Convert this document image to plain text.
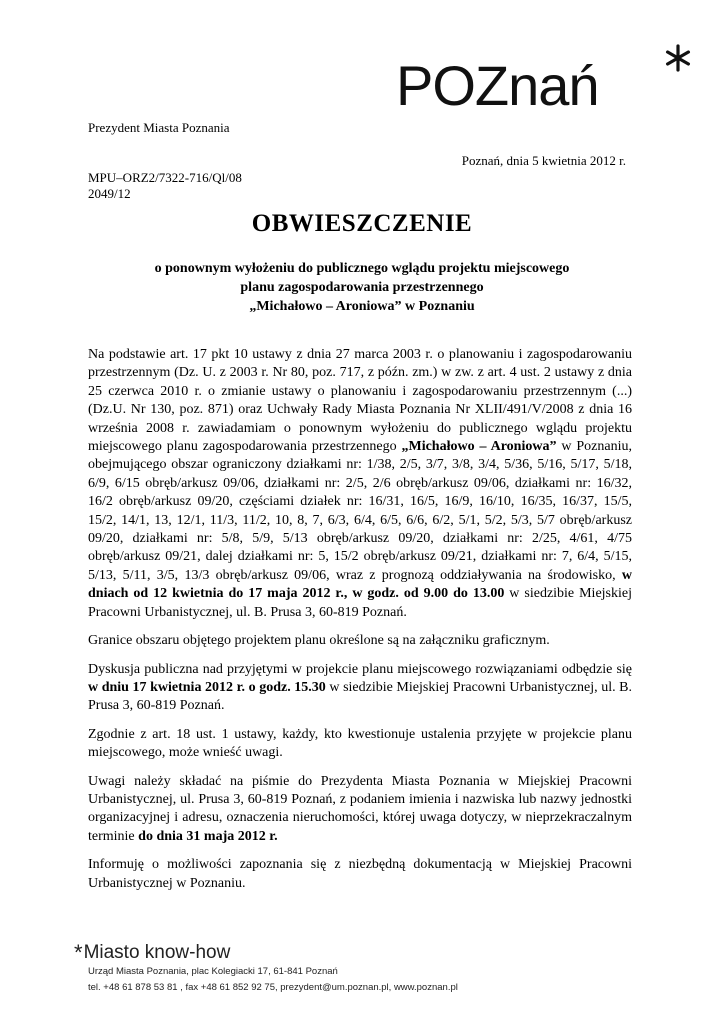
POZnań
Prezydent Miasta Poznania
Poznań, dnia 5 kwietnia 2012 r.
MPU–ORZ2/7322-716/Ql/08
2049/12
OBWIESZCZENIE
o ponownym wyłożeniu do publicznego wglądu projektu miejscowego
planu zagospodarowania przestrzennego
„Michałowo – Aroniowa” w Poznaniu

Na podstawie art. 17 pkt 10 ustawy z dnia 27 marca 2003 r. o planowaniu i zagospodarowaniu przestrzennym (Dz. U. z 2003 r. Nr 80, poz. 717, z późn. zm.) w zw. z art. 4 ust. 2 ustawy z dnia 25 czerwca 2010 r. o zmianie ustawy o planowaniu i zagospodarowaniu przestrzennym (...) (Dz.U. Nr 130, poz. 871) oraz Uchwały Rady Miasta Poznania Nr XLII/491/V/2008 z dnia 16 września 2008 r. zawiadamiam o ponownym wyłożeniu do publicznego wglądu projektu miejscowego planu zagospodarowania przestrzennego „Michałowo – Aroniowa” w Poznaniu, obejmującego obszar ograniczony działkami nr: 1/38, 2/5, 3/7, 3/8, 3/4, 5/36, 5/16, 5/17, 5/18, 6/9, 6/15 obręb/arkusz 09/06, działkami nr: 2/5, 2/6 obręb/arkusz 09/06, działkami nr: 16/32, 16/2 obręb/arkusz 09/20, częściami działek nr: 16/31, 16/5, 16/9, 16/10, 16/35, 16/37, 15/5, 15/2, 14/1, 13, 12/1, 11/3, 11/2, 10, 8, 7, 6/3, 6/4, 6/5, 6/6, 6/2, 5/1, 5/2, 5/3, 5/7 obręb/arkusz 09/20, działkami nr: 5/8, 5/9, 5/13 obręb/arkusz 09/20, działkami nr: 2/25, 4/61, 4/75 obręb/arkusz 09/21, dalej działkami nr: 5, 15/2 obręb/arkusz 09/21, działkami nr: 7, 6/4, 5/15, 5/13, 5/11, 3/5, 13/3 obręb/arkusz 09/06, wraz z prognozą oddziaływania na środowisko, w dniach od 12 kwietnia do 17 maja 2012 r., w godz. od 9.00 do 13.00 w siedzibie Miejskiej Pracowni Urbanistycznej, ul. B. Prusa 3, 60-819 Poznań.

Granice obszaru objętego projektem planu określone są na załączniku graficznym.

Dyskusja publiczna nad przyjętymi w projekcie planu miejscowego rozwiązaniami odbędzie się w dniu 17 kwietnia 2012 r. o godz. 15.30 w siedzibie Miejskiej Pracowni Urbanistycznej, ul. B. Prusa 3, 60-819 Poznań.

Zgodnie z art. 18 ust. 1 ustawy, każdy, kto kwestionuje ustalenia przyjęte w projekcie planu miejscowego, może wnieść uwagi.

Uwagi należy składać na piśmie do Prezydenta Miasta Poznania w Miejskiej Pracowni Urbanistycznej, ul. Prusa 3, 60-819 Poznań, z podaniem imienia i nazwiska lub nazwy jednostki organizacyjnej i adresu, oznaczenia nieruchomości, której uwaga dotyczy, w nieprzekraczalnym terminie do dnia 31 maja 2012 r.

Informuję o możliwości zapoznania się z niezbędną dokumentacją w Miejskiej Pracowni Urbanistycznej w Poznaniu.

*Miasto know-how
Urząd Miasta Poznania, plac Kolegiacki 17, 61-841 Poznań
tel. +48 61 878 53 81 , fax +48 61 852 92 75, prezydent@um.poznan.pl, www.poznan.pl
